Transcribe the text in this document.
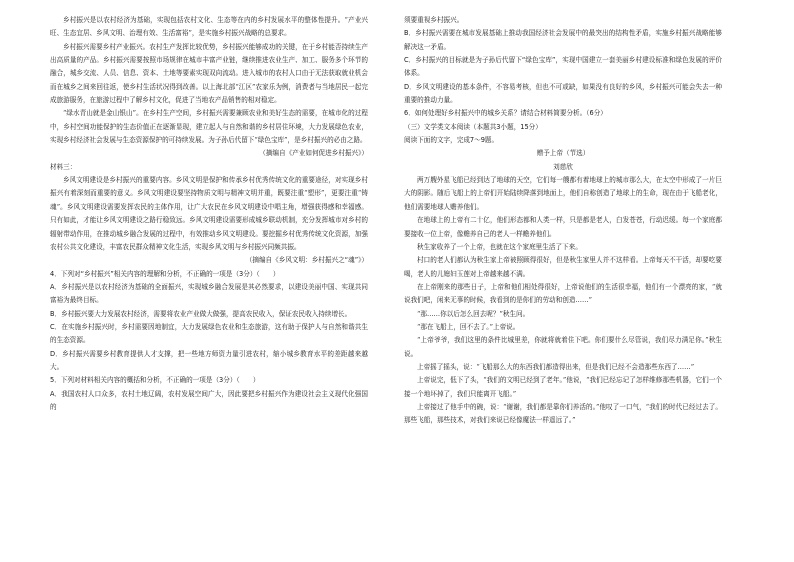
乡村振兴是以农村经济为基础，实现包括农村文化、生态等在内的乡村发展水平的整体性提升。“产业兴旺、生态宜居、乡风文明、治理有效、生活富裕”，是实施乡村振兴战略的总要求。

乡村振兴需要乡村产业振兴。农村生产发挥比较优势，乡村振兴能够成功的关键，在于乡村能否持续生产出高质量的产品。乡村振兴需要按照市场规律在城市丰富产业链，继续推进农业生产、加工、服务多个环节的融合，城乡交流、人员、信息、资本、土地等要素实现双向流动。进入城市的农村人口由于无法获取就业机会而在城乡之间来回往返，使乡村生活状况得到改善。以上海北部“江区”农家乐为例，消费者与当地居民一起完成旅游服务，在旅游过程中了解乡村文化，促进了当地农产品销售的相对稳定。

“绿水青山就是金山银山”。在乡村生产空间，乡村振兴需要兼顾农业和美好生态的需要，在城市化的过程中，乡村空间功能保护的生态价值正在逐渐显现，建立起人与自然和谐的乡村居住环境，大力发展绿色农业，实现乡村经济社会发展与生态资源保护的可持续发展。为子孙后代留下“绿色宝库”，是乡村振兴的必由之路。

（摘编自《产业如何促进乡村振兴》）

材料三：

乡风文明建设是乡村振兴的重要内容。乡风文明是保护和传承乡村优秀传统文化的重要途径，对实现乡村振兴有着深刻而重要的意义。乡风文明建设要坚持物质文明与精神文明并重，既要注重“塑形”，更要注重“铸魂”。乡风文明建设需要发挥农民的主体作用，让广大农民在乡风文明建设中唱主角，增强获得感和幸福感。只有如此，才能让乡风文明建设之路行稳致远。乡风文明建设需要形成城乡联动机制，充分发挥城市对乡村的辐射带动作用，在推动城乡融合发展的过程中，有效推动乡风文明建设。要挖掘乡村优秀传统文化资源，加强农村公共文化建设，丰富农民群众精神文化生活，实现乡风文明与乡村振兴同频共振。

（摘编自《乡风文明：乡村振兴之“魂”》）

4．下列对“乡村振兴”相关内容的理解和分析，不正确的一项是（3分）（　　）

A．乡村振兴是以农村经济为基础的全面振兴，实现城乡融合发展是其必然要求，以建设美丽中国、实现共同富裕为最终目标。

B．乡村振兴要大力发展农村经济，需要将农业产业做大做强，提高农民收入，保证农民收入持续增长。

C．在实施乡村振兴时，乡村需要因地制宜，大力发展绿色农业和生态旅游，这有助于保护人与自然和谐共生的生态资源。

D．乡村振兴需要乡村教育提供人才支撑，把一些地方师资力量引进农村，缩小城乡教育水平的差距越来越大。

5．下列对材料相关内容的概括和分析，不正确的一项是（3分）（　　）

A．我国农村人口众多，农村土地辽阔，农村发展空间广大，因此要把乡村振兴作为建设社会主义现代化强国的

须要重视乡村振兴。

B．乡村振兴需要在城市发展基础上推动我国经济社会发展中的最突出的结构性矛盾，实施乡村振兴战略能够解决这一矛盾。

C．乡村振兴的目标就是为子孙后代留下“绿色宝库”，实现中国建立一套美丽乡村建设标准和绿色发展的评价体系。

D．乡风文明建设的基本条件，不容易考核，但也不可或缺，如果没有良好的乡风，乡村振兴可能会失去一种重要的推动力量。

6．如何处理好乡村振兴中的城乡关系？请结合材料简要分析。（6分）

（三）文学类文本阅读（本题共3小题，15分）

阅读下面的文字，完成7～9题。

赠予上帝（节选）

刘慈欣

两万艘外星飞船已经到达了地球的天空，它们每一艘都有着地球上的城市那么大，在太空中形成了一片巨大的阴影。随后飞船上的上帝们开始陆续降落到地面上，他们自称创造了地球上的生命，现在由于飞船老化，他们需要地球人赡养他们。

在地球上的上帝有二十亿，他们形态都和人类一样，只是都是老人，白发苍苍，行动迟缓。每一个家庭都要接收一位上帝，像赡养自己的老人一样赡养他们。

秋生家收养了一个上帝，也就在这个家庭里生活了下来。

村口的老人们都认为秋生家上帝被照顾得很好，但是秋生家里人并不这样看。上帝每天不干活，却要吃要喝，老人的儿媳妇玉莲对上帝越来越不满。

在上帝刚来的那些日子，上帝和他们相处得很好，上帝说他们的生活很幸福，他们有一个漂亮的家，“就说我们吧，闲来无事的时候，我看到的是你们的劳动和创造……”

“那……你以后怎么回去呢？”秋生问。

“那在飞船上，回不去了。”上帝说。

“上帝爷爷，我们这里的条件比城里差，你就将就着住下吧。你们要什么尽管说，我们尽力满足你。”秋生说。

上帝摇了摇头，说：“飞船那么大的东西我们都造得出来，但是我们已经不会造那些东西了……”

上帝说完，低下了头，“我们的文明已经到了老年。”他说，“我们已经忘记了怎样维修那些机器，它们一个接一个地坏掉了，我们只能离开飞船。”

上帝接过了他手中的碗，说：“谢谢，我们都是靠你们养活的。”他叹了一口气，“我们的时代已经过去了。那些飞船，那些技术，对我们来说已经像魔法一样遥远了。”
